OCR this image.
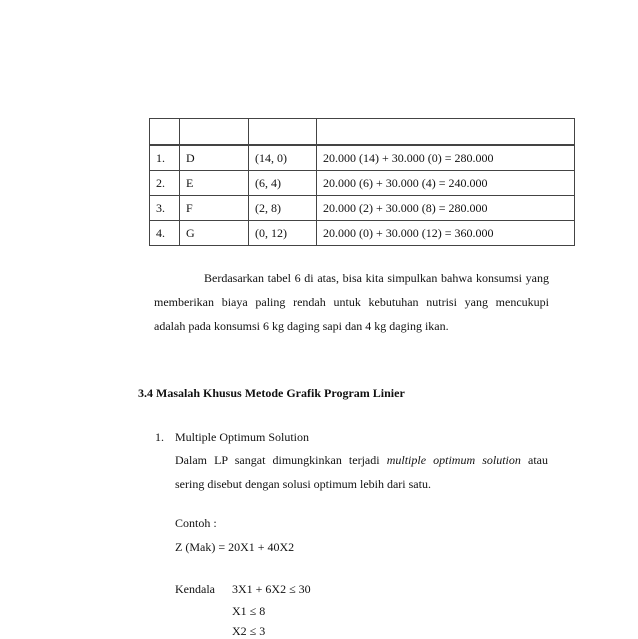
1.	D	(14, 0)	20.000 (14) + 30.000 (0) = 280.000
2.	E	(6, 4)	20.000 (6) + 30.000 (4) = 240.000
3.	F	(2, 8)	20.000 (2) + 30.000 (8) = 280.000
4.	G	(0, 12)	20.000 (0) + 30.000 (12) = 360.000
Berdasarkan tabel 6 di atas, bisa kita simpulkan bahwa konsumsi yang
memberikan biaya paling rendah untuk kebutuhan nutrisi yang mencukupi
adalah pada konsumsi 6 kg daging sapi dan 4 kg daging ikan.
3.4 Masalah Khusus Metode Grafik Program Linier
1. Multiple Optimum Solution
Dalam LP sangat dimungkinkan terjadi multiple optimum solution atau
sering disebut dengan solusi optimum lebih dari satu.
Contoh :
Z (Mak) = 20X1 + 40X2
Kendala 3X1 + 6X2 ≤ 30
X1 ≤ 8
X2 ≤ 3
